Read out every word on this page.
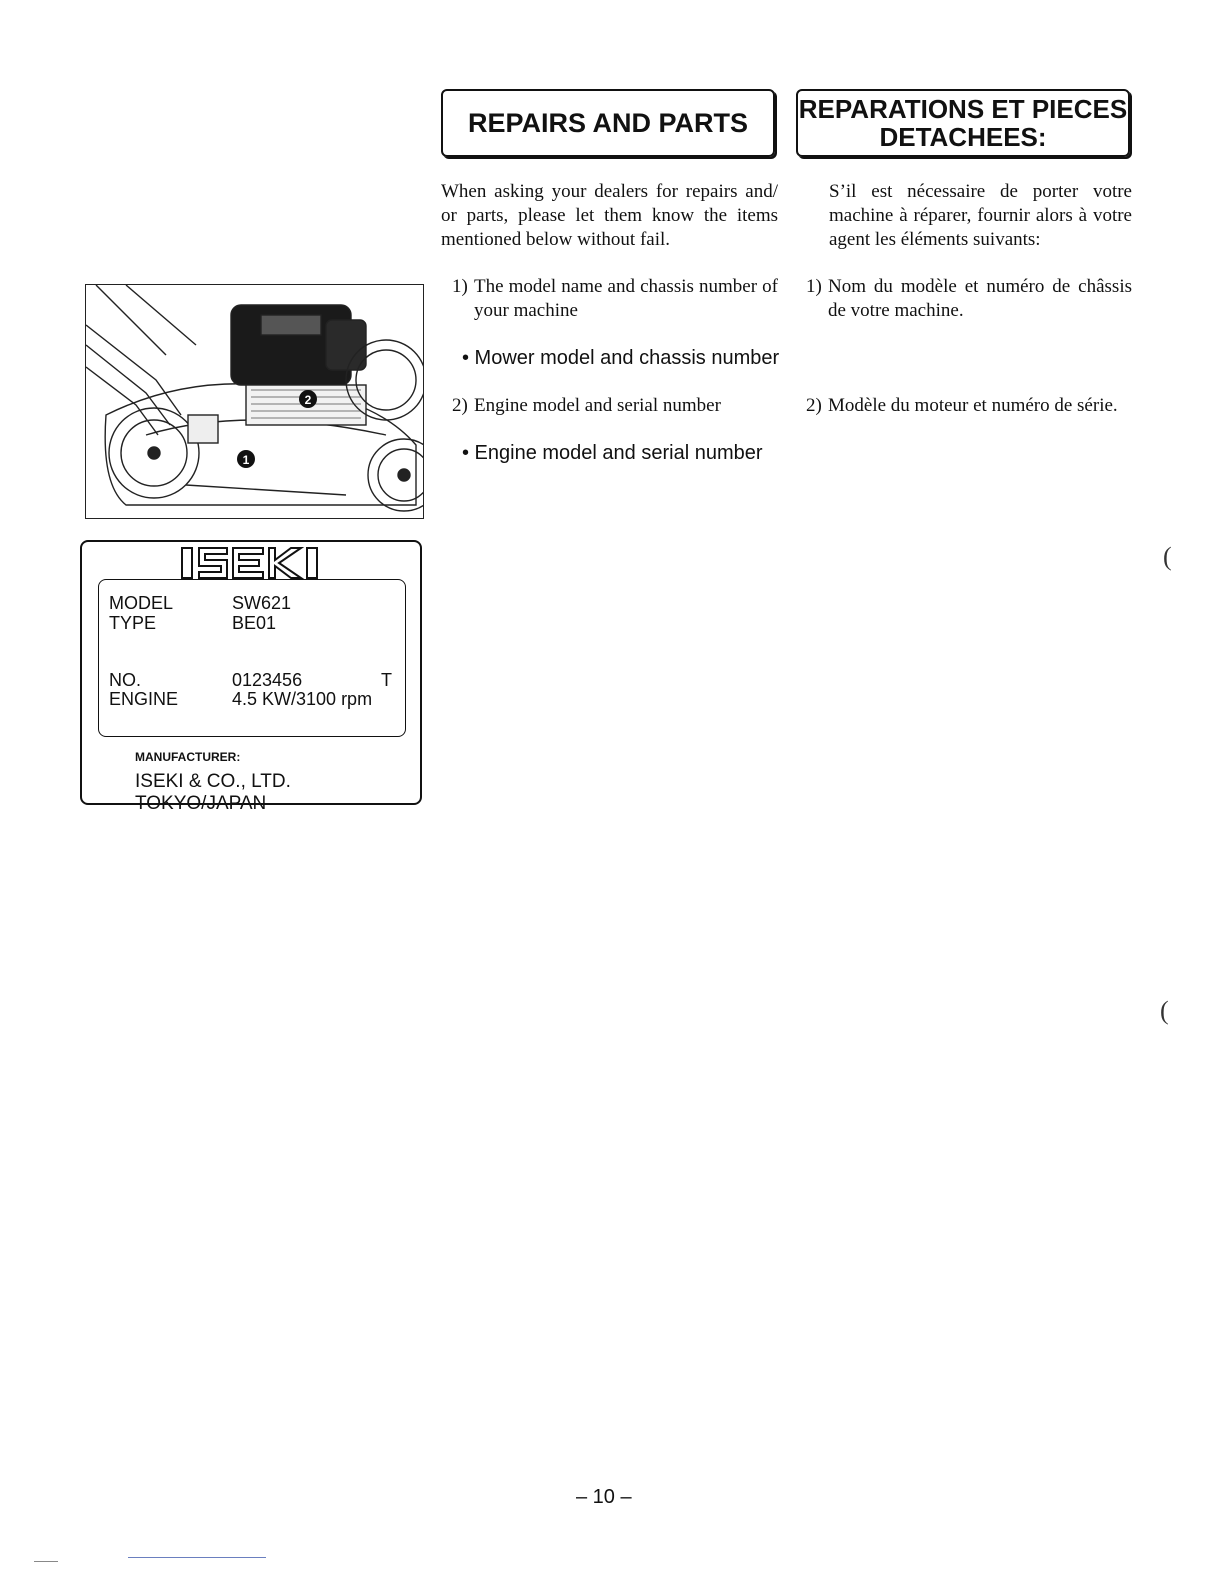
REPAIRS AND PARTS REPARATIONS ET PIECES
DETACHEES:

When asking your dealers for repairs and/ or parts, please let them know the items mentioned below without fail.

S’il est nécessaire de porter votre machine à réparer, fournir alors à votre agent les éléments suivants:

1) The model name and chassis number of your machine
1) Nom du modèle et numéro de châssis de votre machine.
• Mower model and chassis number
2) Engine model and serial number	2) Modèle du moteur et numéro de série.
• Engine model and serial number
1
2
MODEL	SW621
TYPE	BE01
NO.	0123456	T
ENGINE	4.5 KW/3100 rpm
MANUFACTURER:
ISEKI & CO., LTD. TOKYO/JAPAN
(
(
– 10 –
